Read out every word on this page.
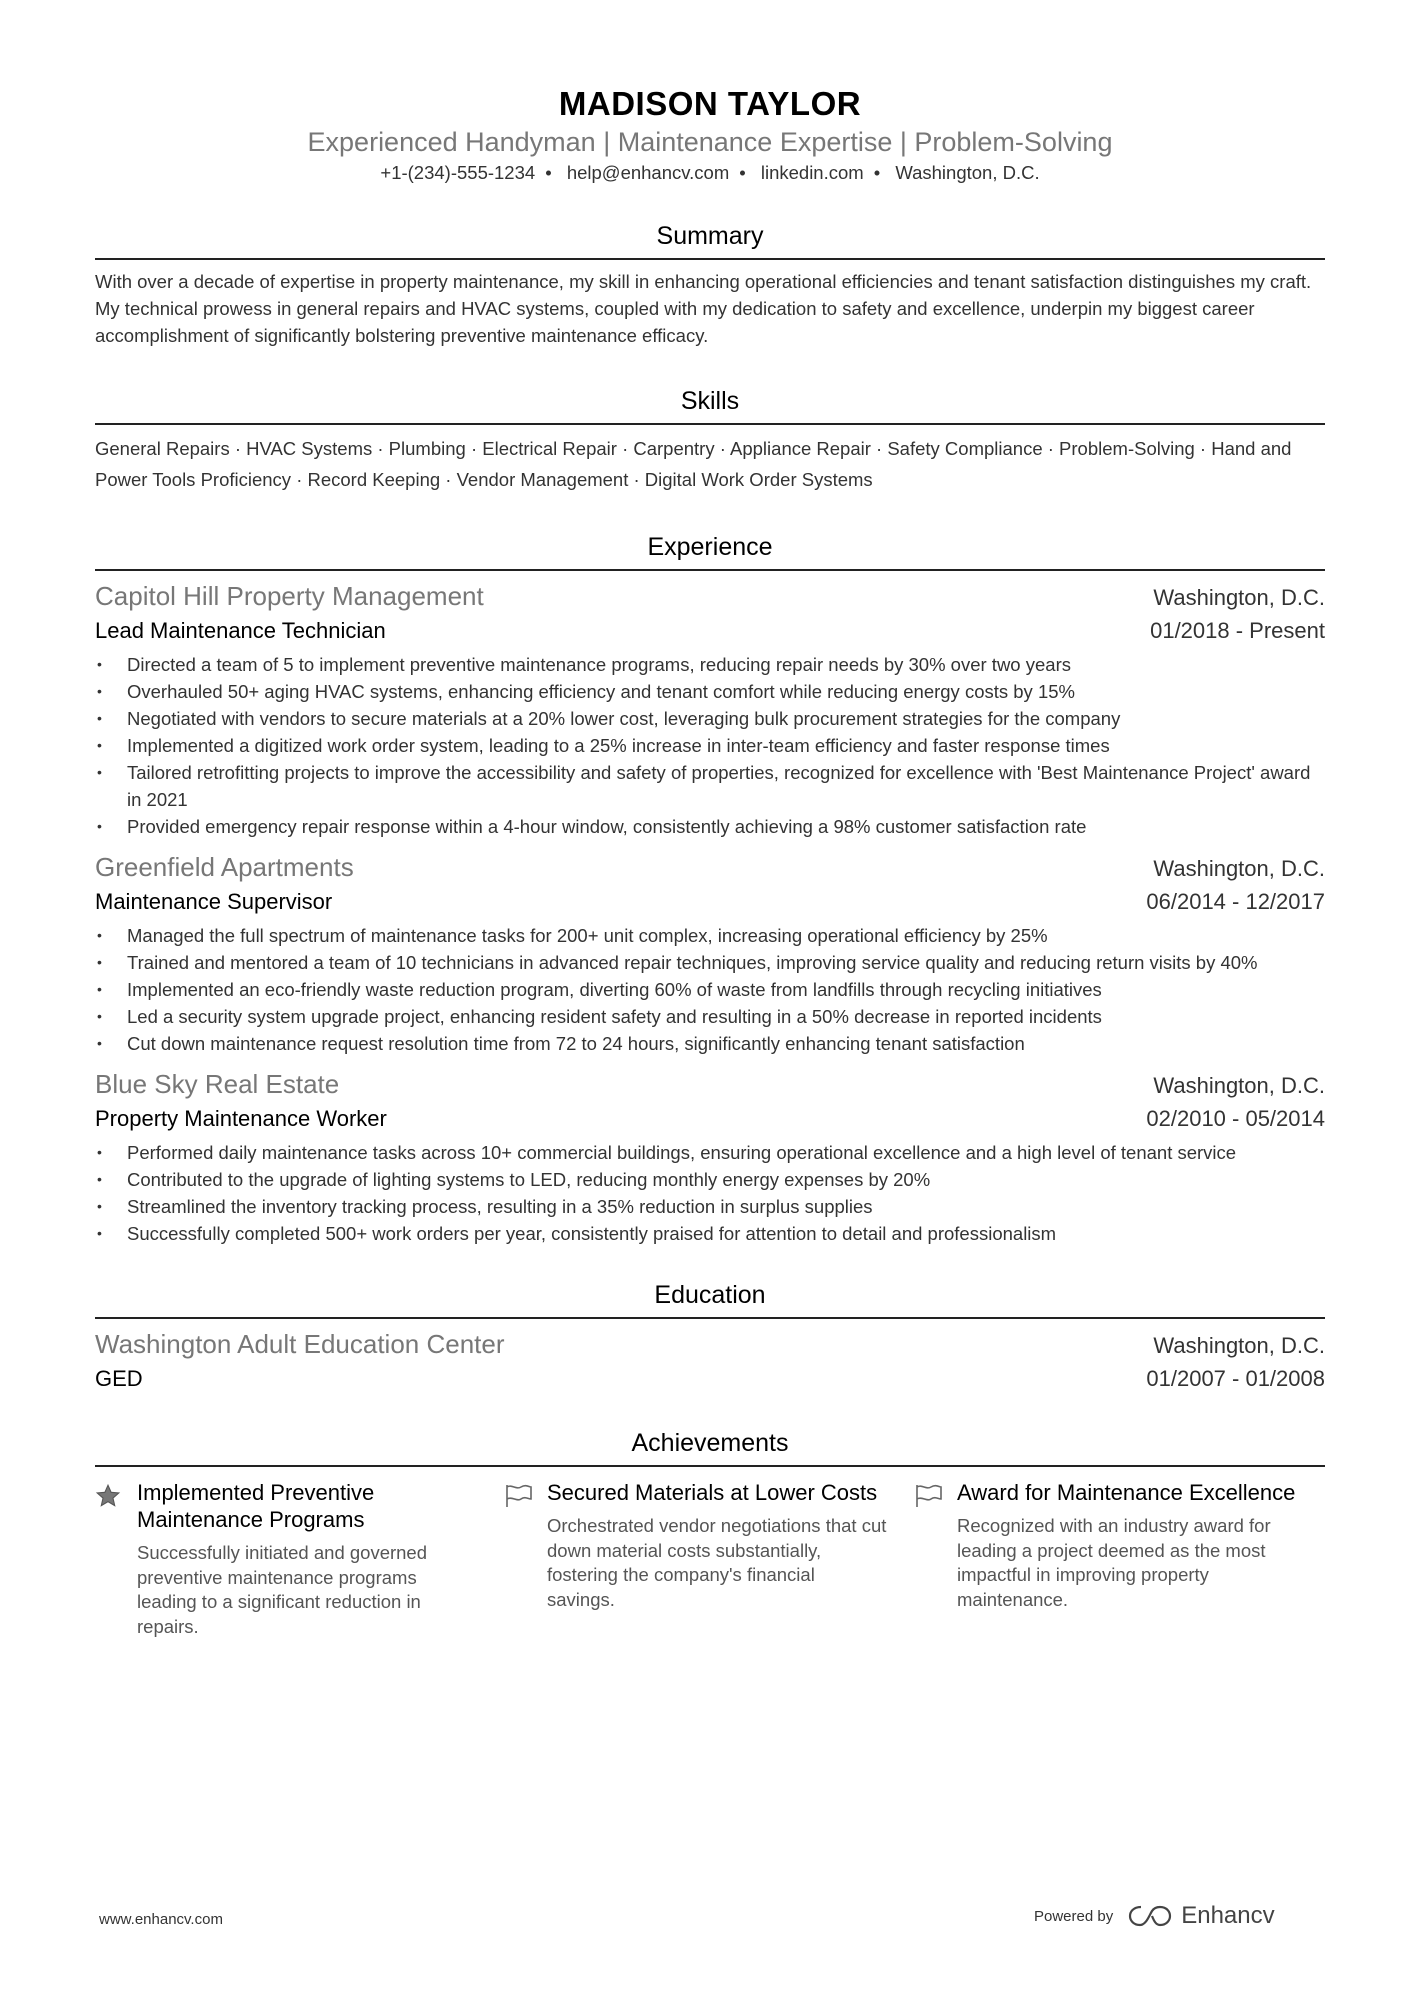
MADISON TAYLOR
Experienced Handyman | Maintenance Expertise | Problem-Solving
+1-(234)-555-1234 • help@enhancv.com • linkedin.com • Washington, D.C.
Summary
With over a decade of expertise in property maintenance, my skill in enhancing operational efficiencies and tenant satisfaction distinguishes my craft. My technical prowess in general repairs and HVAC systems, coupled with my dedication to safety and excellence, underpin my biggest career accomplishment of significantly bolstering preventive maintenance efficacy.
Skills
General Repairs · HVAC Systems · Plumbing · Electrical Repair · Carpentry · Appliance Repair · Safety Compliance · Problem-Solving · Hand and Power Tools Proficiency · Record Keeping · Vendor Management · Digital Work Order Systems
Experience
Capitol Hill Property Management	Washington, D.C.
Lead Maintenance Technician	01/2018 - Present
• Directed a team of 5 to implement preventive maintenance programs, reducing repair needs by 30% over two years
• Overhauled 50+ aging HVAC systems, enhancing efficiency and tenant comfort while reducing energy costs by 15%
• Negotiated with vendors to secure materials at a 20% lower cost, leveraging bulk procurement strategies for the company
• Implemented a digitized work order system, leading to a 25% increase in inter-team efficiency and faster response times
• Tailored retrofitting projects to improve the accessibility and safety of properties, recognized for excellence with 'Best Maintenance Project' award in 2021
• Provided emergency repair response within a 4-hour window, consistently achieving a 98% customer satisfaction rate
Greenfield Apartments	Washington, D.C.
Maintenance Supervisor	06/2014 - 12/2017
• Managed the full spectrum of maintenance tasks for 200+ unit complex, increasing operational efficiency by 25%
• Trained and mentored a team of 10 technicians in advanced repair techniques, improving service quality and reducing return visits by 40%
• Implemented an eco-friendly waste reduction program, diverting 60% of waste from landfills through recycling initiatives
• Led a security system upgrade project, enhancing resident safety and resulting in a 50% decrease in reported incidents
• Cut down maintenance request resolution time from 72 to 24 hours, significantly enhancing tenant satisfaction
Blue Sky Real Estate	Washington, D.C.
Property Maintenance Worker	02/2010 - 05/2014
• Performed daily maintenance tasks across 10+ commercial buildings, ensuring operational excellence and a high level of tenant service
• Contributed to the upgrade of lighting systems to LED, reducing monthly energy expenses by 20%
• Streamlined the inventory tracking process, resulting in a 35% reduction in surplus supplies
• Successfully completed 500+ work orders per year, consistently praised for attention to detail and professionalism
Education
Washington Adult Education Center	Washington, D.C.
GED	01/2007 - 01/2008
Achievements
Implemented Preventive Maintenance Programs
Successfully initiated and governed preventive maintenance programs leading to a significant reduction in repairs.
Secured Materials at Lower Costs
Orchestrated vendor negotiations that cut down material costs substantially, fostering the company's financial savings.
Award for Maintenance Excellence
Recognized with an industry award for leading a project deemed as the most impactful in improving property maintenance.
www.enhancv.com	Powered by	Enhancv
